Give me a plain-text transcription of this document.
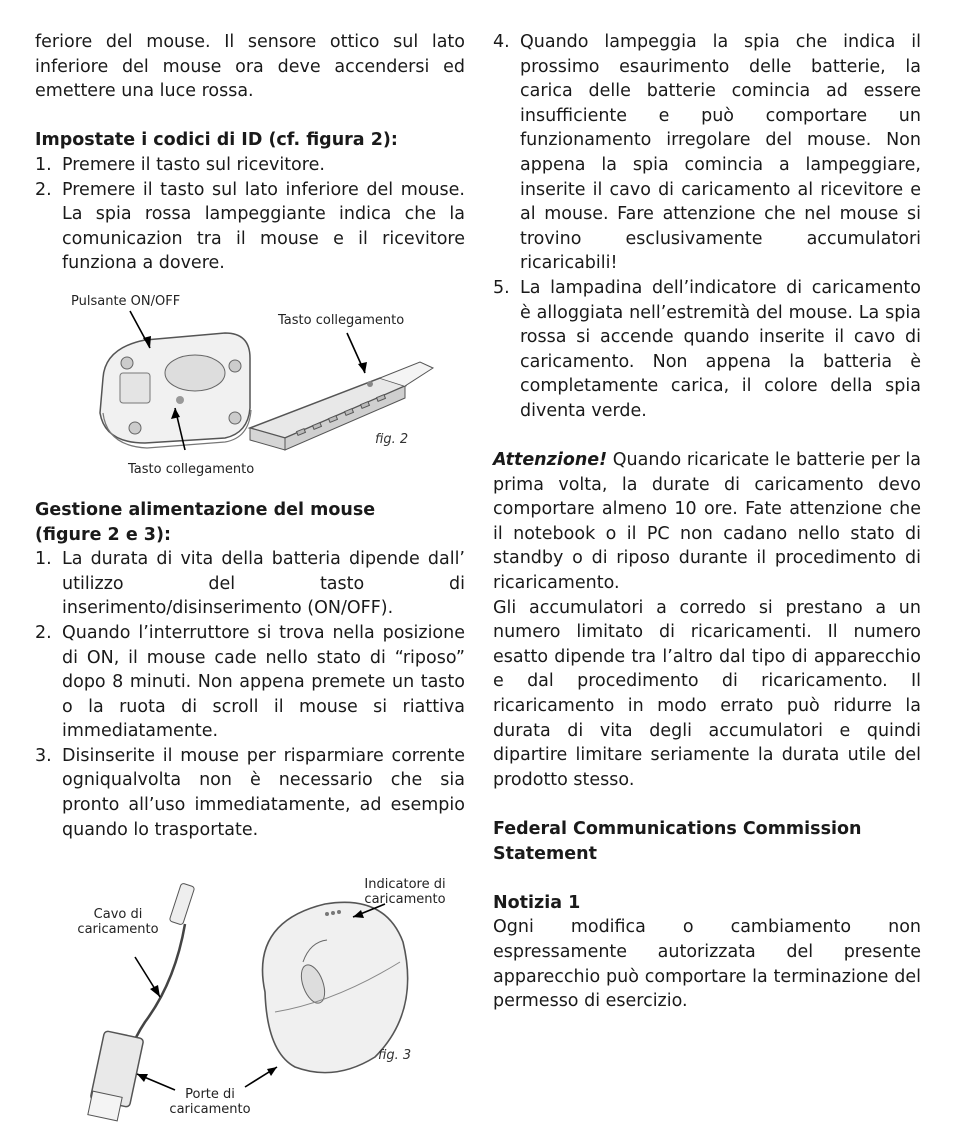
feriore del mouse. Il sensore ottico sul lato inferiore del mouse ora deve accendersi ed emettere una luce rossa.

Impostate i codici di ID (cf. figura 2):

1. Premere il tasto sul ricevitore.
2. Premere il tasto sul lato inferiore del mouse. La spia rossa lampeggiante indica che la comunicazion tra il mouse e il ricevitore funziona a dovere.
Pulsante ON/OFF
Tasto collegamento
Tasto collegamento
fig. 2

Gestione alimentazione del mouse

(figure 2 e 3):

1. La durata di vita della batteria dipende dall’ utilizzo del tasto di inserimento/disinserimento (ON/OFF).
2. Quando l’interruttore si trova nella posizione di ON, il mouse cade nello stato di “riposo” dopo 8 minuti. Non appena premete un tasto o la ruota di scroll il mouse si riattiva immediatamente.
3. Disinserite il mouse per risparmiare corrente ogniqualvolta non è necessario che sia pronto all’uso immediatamente, ad esempio quando lo trasportate.
Cavo di caricamento
Indicatore di caricamento
Porte di caricamento
fig. 3
4. Quando lampeggia la spia che indica il prossimo esaurimento delle batterie, la carica delle batterie comincia ad essere insufficiente e può comportare un funzionamento irregolare del mouse. Non appena la spia comincia a lampeggiare, inserite il cavo di caricamento al ricevitore e al mouse. Fare attenzione che nel mouse si trovino esclusivamente accumulatori ricaricabili!
5. La lampadina dell’indicatore di caricamento è alloggiata nell’estremità del mouse. La spia rossa si accende quando inserite il cavo di caricamento. Non appena la batteria è completamente carica, il colore della spia diventa verde.

Attenzione! Quando ricaricate le batterie per la prima volta, la durate di caricamento devo comportare almeno 10 ore. Fate attenzione che il notebook o il PC non cadano nello stato di standby o di riposo durante il procedimento di ricaricamento.

Gli accumulatori a corredo si prestano a un numero limitato di ricaricamenti. Il numero esatto dipende tra l’altro dal tipo di apparecchio e dal procedimento di ricaricamento. Il ricaricamento in modo errato può ridurre la durata di vita degli accumulatori e quindi dipartire limitare seriamente la durata utile del prodotto stesso.

Federal Communications Commission

Statement

Notizia 1

Ogni modifica o cambiamento non espressamente autorizzata del presente apparecchio può comportare la terminazione del permesso di esercizio.
